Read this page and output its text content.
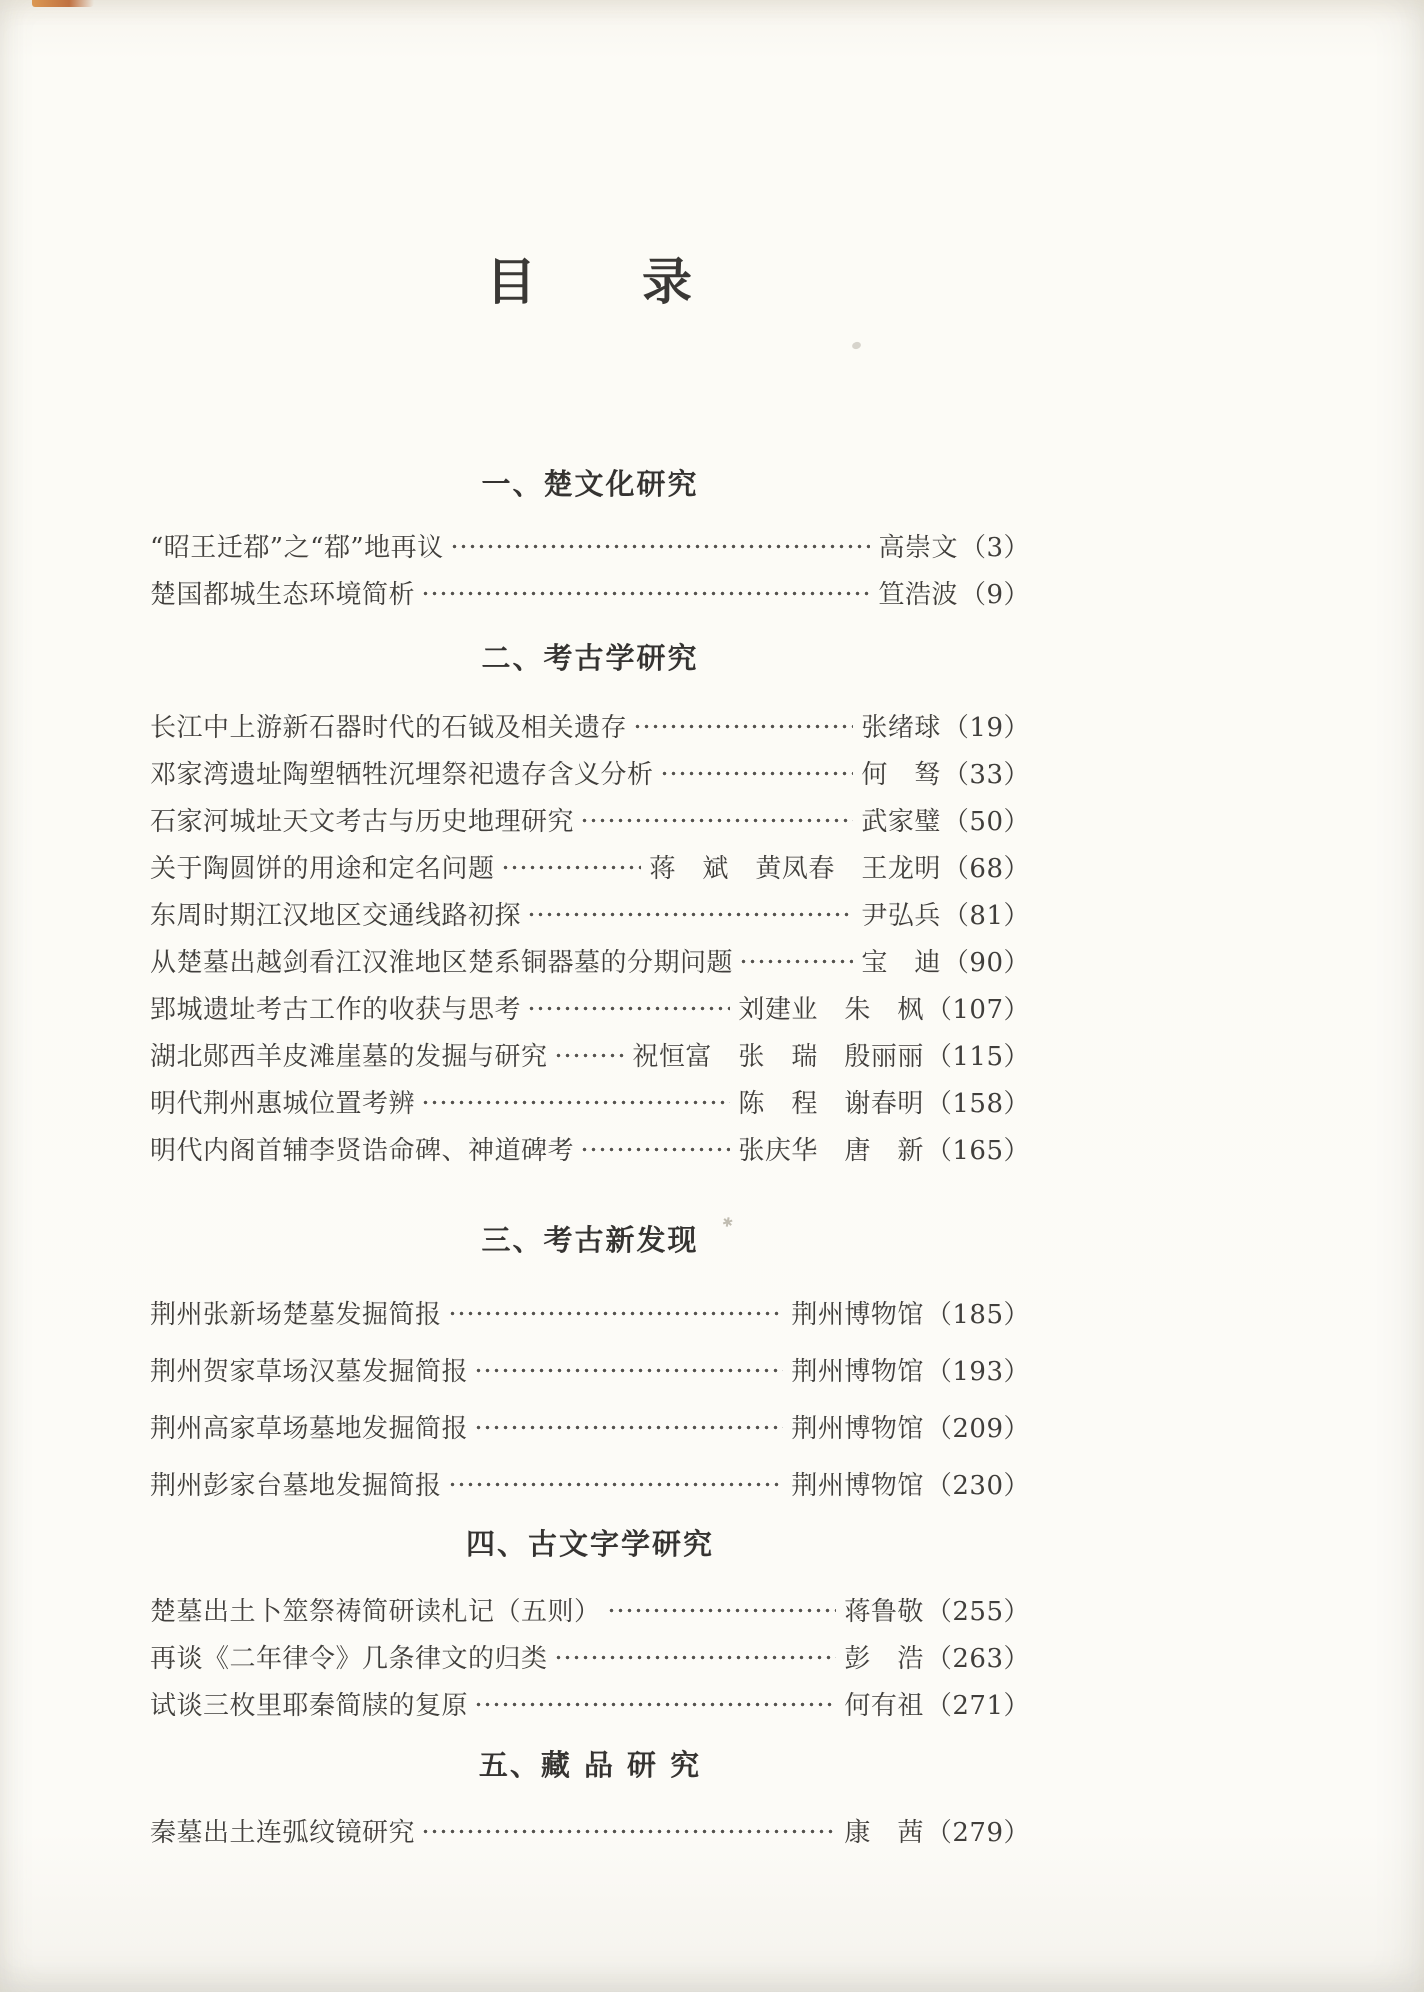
✱
目　　录
一、楚文化研究
“昭王迁鄀”之“鄀”地再议	高崇文 （3）
楚国都城生态环境简析	笪浩波 （9）
二、考古学研究
长江中上游新石器时代的石钺及相关遗存	张绪球 （19）
邓家湾遗址陶塑牺牲沉埋祭祀遗存含义分析	何　驽 （33）
石家河城址天文考古与历史地理研究	武家璧 （50）
关于陶圆饼的用途和定名问题	蒋　斌　黄凤春　王龙明 （68）
东周时期江汉地区交通线路初探	尹弘兵 （81）
从楚墓出越剑看江汉淮地区楚系铜器墓的分期问题	宝　迪 （90）
郢城遗址考古工作的收获与思考	刘建业　朱　枫 （107）
湖北郧西羊皮滩崖墓的发掘与研究	祝恒富　张　瑞　殷丽丽 （115）
明代荆州惠城位置考辨	陈　程　谢春明 （158）
明代内阁首辅李贤诰命碑、神道碑考	张庆华　唐　新 （165）
三、考古新发现
荆州张新场楚墓发掘简报	荆州博物馆 （185）
荆州贺家草场汉墓发掘简报	荆州博物馆 （193）
荆州高家草场墓地发掘简报	荆州博物馆 （209）
荆州彭家台墓地发掘简报	荆州博物馆 （230）
四、古文字学研究
楚墓出土卜筮祭祷简研读札记（五则）	蒋鲁敬 （255）
再谈《二年律令》几条律文的归类	彭　浩 （263）
试谈三枚里耶秦简牍的复原	何有祖 （271）
五、藏 品 研 究
秦墓出土连弧纹镜研究	康　茜 （279）
